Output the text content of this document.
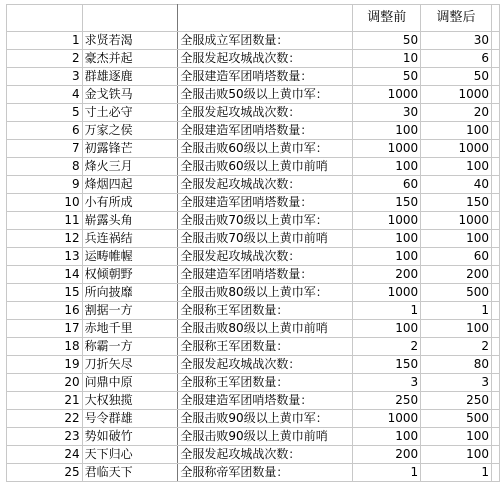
			调整前	调整后	
1	求贤若渴	全服成立军团数量：	50	30	
2	豪杰并起	全服发起攻城战次数：	10	6	
3	群雄逐鹿	全服建造军团哨塔数量：	50	50	
4	金戈铁马	全服击败50级以上黄巾军：	1000	1000	
5	寸土必守	全服发起攻城战次数：	30	20	
6	万家之侯	全服建造军团哨塔数量：	100	100	
7	初露锋芒	全服击败60级以上黄巾军：	1000	1000	
8	烽火三月	全服击败60级以上黄巾前哨	100	100	
9	烽烟四起	全服发起攻城战次数：	60	40	
10	小有所成	全服建造军团哨塔数量：	150	150	
11	崭露头角	全服击败70级以上黄巾军：	1000	1000	
12	兵连祸结	全服击败70级以上黄巾前哨	100	100	
13	运畴帷幄	全服发起攻城战次数：	100	60	
14	权倾朝野	全服建造军团哨塔数量：	200	200	
15	所向披靡	全服击败80级以上黄巾军：	1000	500	
16	割据一方	全服称王军团数量：	1	1	
17	赤地千里	全服击败80级以上黄巾前哨	100	100	
18	称霸一方	全服称王军团数量：	2	2	
19	刀折矢尽	全服发起攻城战次数：	150	80	
20	问鼎中原	全服称王军团数量：	3	3	
21	大权独揽	全服建造军团哨塔数量：	250	250	
22	号令群雄	全服击败90级以上黄巾军：	1000	500	
23	势如破竹	全服击败90级以上黄巾前哨	100	100	
24	天下归心	全服发起攻城战次数：	200	100	
25	君临天下	全服称帝军团数量：	1	1	
